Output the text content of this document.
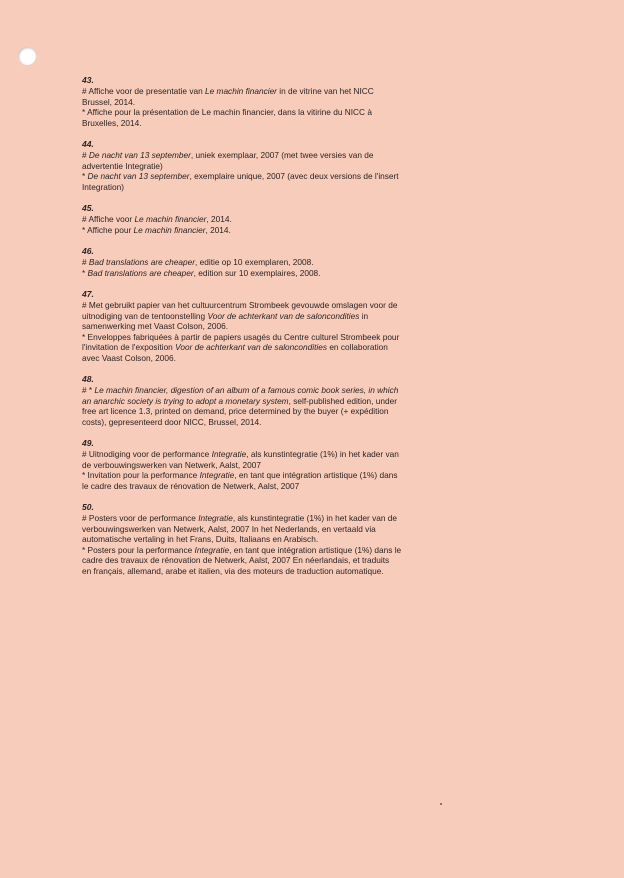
43.
# Affiche voor de presentatie van Le machin financier in de vitrine van het NICC
Brussel, 2014.
* Affiche pour la présentation de Le machin financier, dans la vitirine du NICC à
Bruxelles, 2014.
44.
# De nacht van 13 september, uniek exemplaar, 2007 (met twee versies van de
advertentie Integratie)
* De nacht van 13 september, exemplaire unique, 2007 (avec deux versions de l'insert
Integration)
45.
# Affiche voor Le machin financier, 2014.
* Affiche pour Le machin financier, 2014.
46.
# Bad translations are cheaper, editie op 10 exemplaren, 2008.
* Bad translations are cheaper, edition sur 10 exemplaires, 2008.
47.
# Met gebruikt papier van het cultuurcentrum Strombeek gevouwde omslagen voor de
uitnodiging van de tentoonstelling Voor de achterkant van de saloncondities in
samenwerking met Vaast Colson, 2006.
* Enveloppes fabriquées à partir de papiers usagés du Centre culturel Strombeek pour
l'invitation de l'exposition Voor de achterkant van de saloncondities en collaboration
avec Vaast Colson, 2006.
48.
# * Le machin financier, digestion of an album of a famous comic book series, in which
an anarchic society is trying to adopt a monetary system, self-published edition, under
free art licence 1.3, printed on demand, price determined by the buyer (+ expédition
costs), gepresenteerd door NICC, Brussel, 2014.
49.
# Uitnodiging voor de performance Integratie, als kunstintegratie (1%) in het kader van
de verbouwingswerken van Netwerk, Aalst, 2007
* Invitation pour la performance Integratie, en tant que intégration artistique (1%) dans
le cadre des travaux de rénovation de Netwerk, Aalst, 2007
50.
# Posters voor de performance Integratie, als kunstintegratie (1%) in het kader van de
verbouwingswerken van Netwerk, Aalst, 2007 In het Nederlands, en vertaald via
automatische vertaling in het Frans, Duits, Italiaans en Arabisch.
* Posters pour la performance Integratie, en tant que intégration artistique (1%) dans le
cadre des travaux de rénovation de Netwerk, Aalst, 2007 En néerlandais, et traduits
en français, allemand, arabe et italien, via des moteurs de traduction automatique.
